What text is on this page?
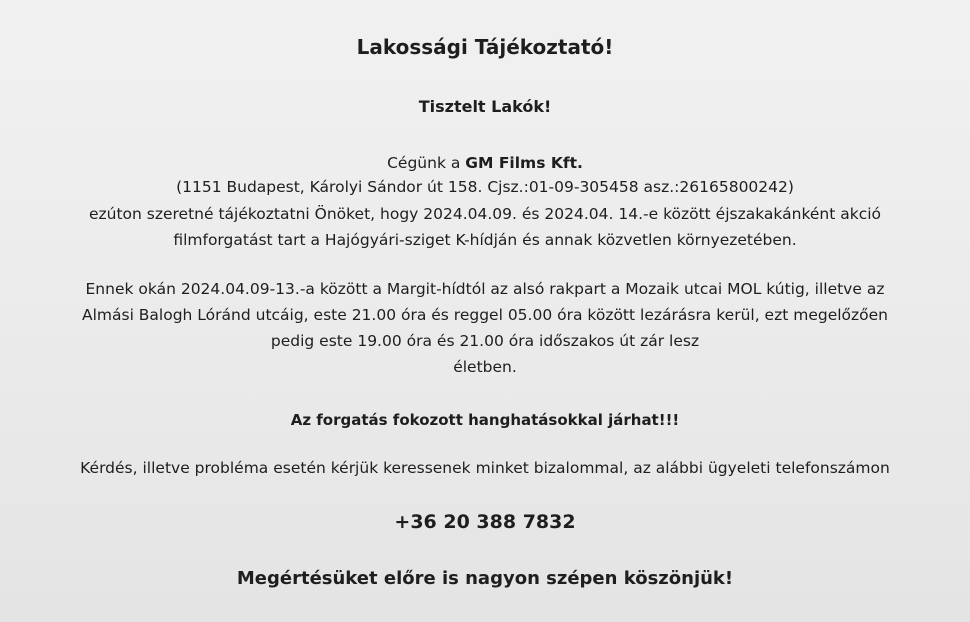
Lakossági Tájékoztató!
Tisztelt Lakók!
Cégünk a GM Films Kft.
(1151 Budapest, Károlyi Sándor út 158. Cjsz.:01-09-305458 asz.:26165800242)
ezúton szeretné tájékoztatni Önöket, hogy 2024.04.09. és 2024.04. 14.-e között éjszakakánként akció
filmforgatást tart a Hajógyári-sziget K-hídján és annak közvetlen környezetében.
Ennek okán 2024.04.09-13.-a között a Margit-hídtól az alsó rakpart a Mozaik utcai MOL kútig, illetve az
Almási Balogh Lóránd utcáig, este 21.00 óra és reggel 05.00 óra között lezárásra kerül, ezt megelőzően
pedig este 19.00 óra és 21.00 óra időszakos út zár lesz
életben.
Az forgatás fokozott hanghatásokkal járhat!!!
Kérdés, illetve probléma esetén kérjük keressenek minket bizalommal, az alábbi ügyeleti telefonszámon
+36 20 388 7832
Megértésüket előre is nagyon szépen köszönjük!
